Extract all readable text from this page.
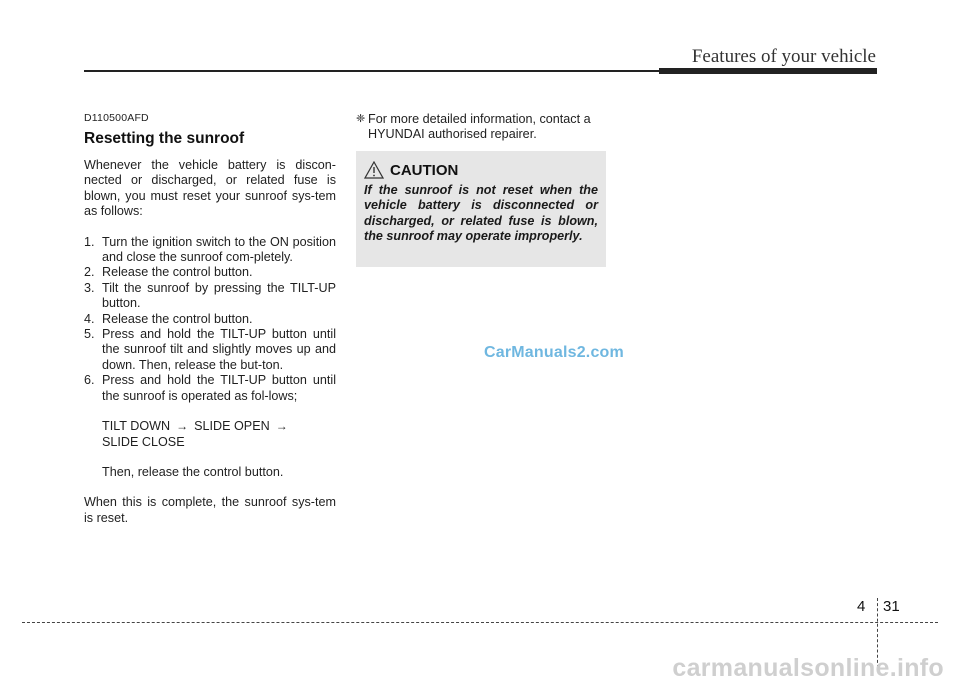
Features of your vehicle
D110500AFD
Resetting the sunroof

Whenever the vehicle battery is discon-nected or discharged, or related fuse is blown, you must reset your sunroof sys-tem as follows:

1. Turn the ignition switch to the ON position and close the sunroof com-pletely.
2. Release the control button.
3. Tilt the sunroof by pressing the TILT-UP button.
4. Release the control button.
5. Press and hold the TILT-UP button until the sunroof tilt and slightly moves up and down. Then, release the but-ton.
6. Press and hold the TILT-UP button until the sunroof is operated as fol-lows;
TILT DOWN → SLIDE OPEN →
SLIDE CLOSE
Then, release the control button.

When this is complete, the sunroof sys-tem is reset.

❈ For more detailed information, contact a HYUNDAI authorised repairer.
CAUTION

If the sunroof is not reset when the vehicle battery is disconnected or discharged, or related fuse is blown, the sunroof may operate improperly.

CarManuals2.com
4 31
carmanualsonline.info
